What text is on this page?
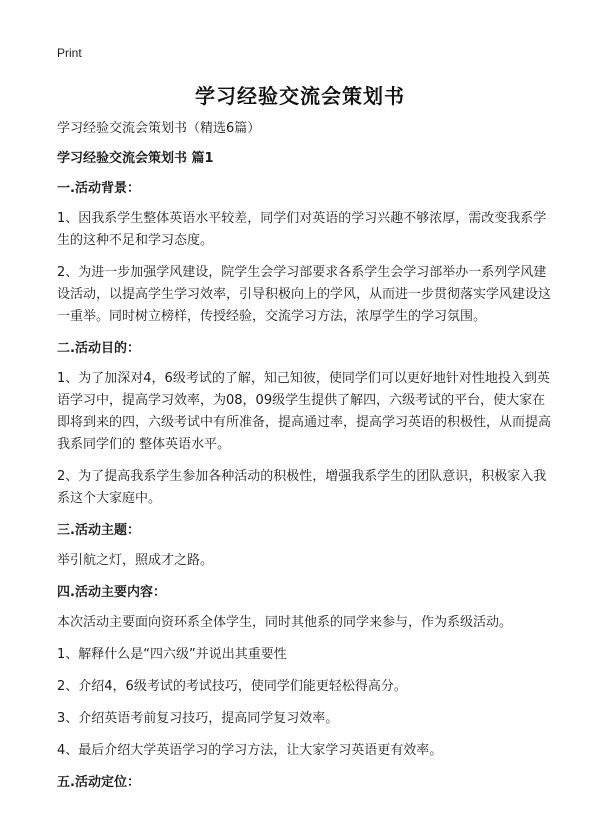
Print
学习经验交流会策划书

学习经验交流会策划书（精选6篇）

学习经验交流会策划书 篇1

一.活动背景：

1、因我系学生整体英语水平较差，同学们对英语的学习兴趣不够浓厚，需改变我系学生的这种不足和学习态度。

2、为进一步加强学风建设，院学生会学习部要求各系学生会学习部举办一系列学风建设活动，以提高学生学习效率，引导积极向上的学风，从而进一步贯彻落实学风建设这一重举。同时树立榜样，传授经验，交流学习方法，浓厚学生的学习氛围。

二.活动目的：

1、为了加深对4，6级考试的了解，知己知彼，使同学们可以更好地针对性地投入到英语学习中，提高学习效率，为08，09级学生提供了解四，六级考试的平台，使大家在即将到来的四，六级考试中有所准备，提高通过率，提高学习英语的积极性，从而提高我系同学们的 整体英语水平。

2、为了提高我系学生参加各种活动的积极性，增强我系学生的团队意识，积极家入我系这个大家庭中。

三.活动主题：

举引航之灯，照成才之路。

四.活动主要内容：

本次活动主要面向资环系全体学生，同时其他系的同学来参与，作为系级活动。

1、解释什么是“四六级”并说出其重要性

2、介绍4，6级考试的考试技巧，使同学们能更轻松得高分。

3、介绍英语考前复习技巧，提高同学复习效率。

4、最后介绍大学英语学习的学习方法，让大家学习英语更有效率。

五.活动定位：
